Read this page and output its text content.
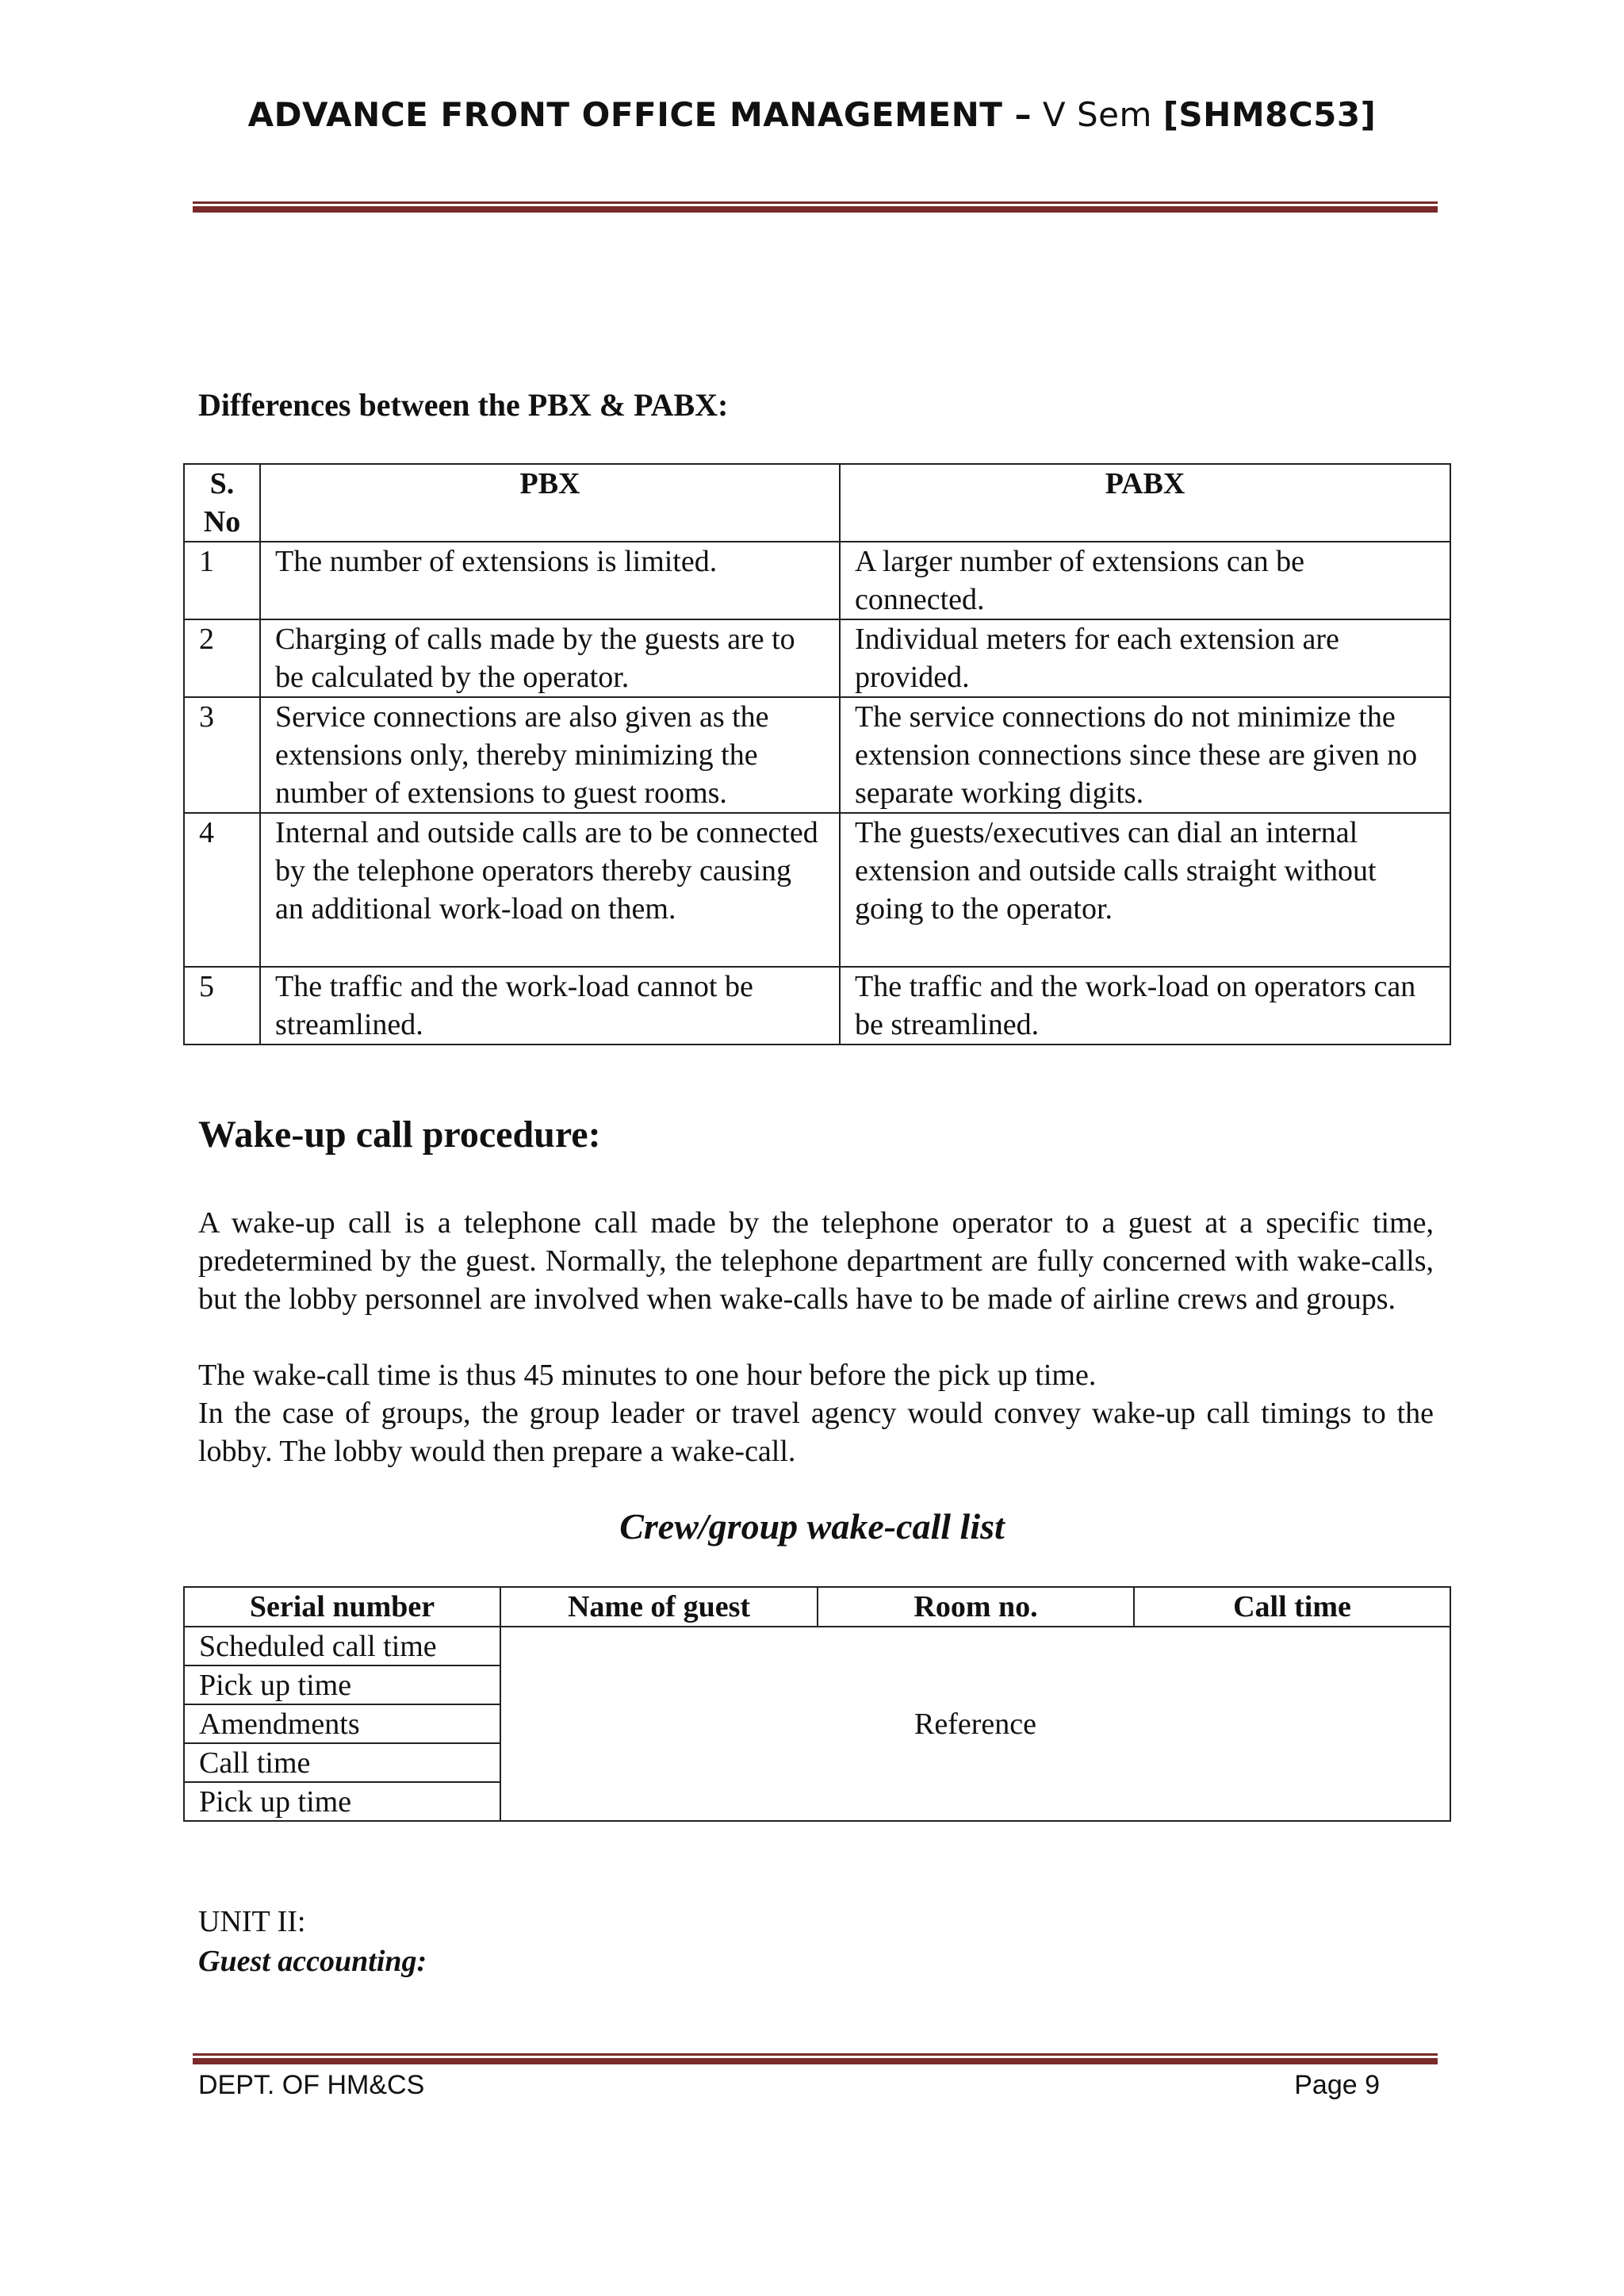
ADVANCE FRONT OFFICE MANAGEMENT – V Sem [SHM8C53]
Differences between the PBX & PABX:
S. No	PBX	PABX
1	The number of extensions is limited.	A larger number of extensions can be connected.
2	Charging of calls made by the guests are to be calculated by the operator.	Individual meters for each extension are provided.
3	Service connections are also given as the extensions only, thereby minimizing the number of extensions to guest rooms.	The service connections do not minimize the extension connections since these are given no separate working digits.
4	Internal and outside calls are to be connected by the telephone operators thereby causing an additional work-load on them.	The guests/executives can dial an internal extension and outside calls straight without going to the operator.
5	The traffic and the work-load cannot be streamlined.	The traffic and the work-load on operators can be streamlined.
Wake-up call procedure:

A wake-up call is a telephone call made by the telephone operator to a guest at a specific time, predetermined by the guest. Normally, the telephone department are fully concerned with wake-calls, but the lobby personnel are involved when wake-calls have to be made of airline crews and groups.

The wake-call time is thus 45 minutes to one hour before the pick up time.

In the case of groups, the group leader or travel agency would convey wake-up call timings to the lobby. The lobby would then prepare a wake-call.

Crew/group wake-call list
Serial number	Name of guest	Room no.	Call time
Scheduled call time	Reference		
Pick up time			
Amendments			
Call time			
Pick up time			
UNIT II:
Guest accounting:
DEPT. OF HM&CS	Page 9
